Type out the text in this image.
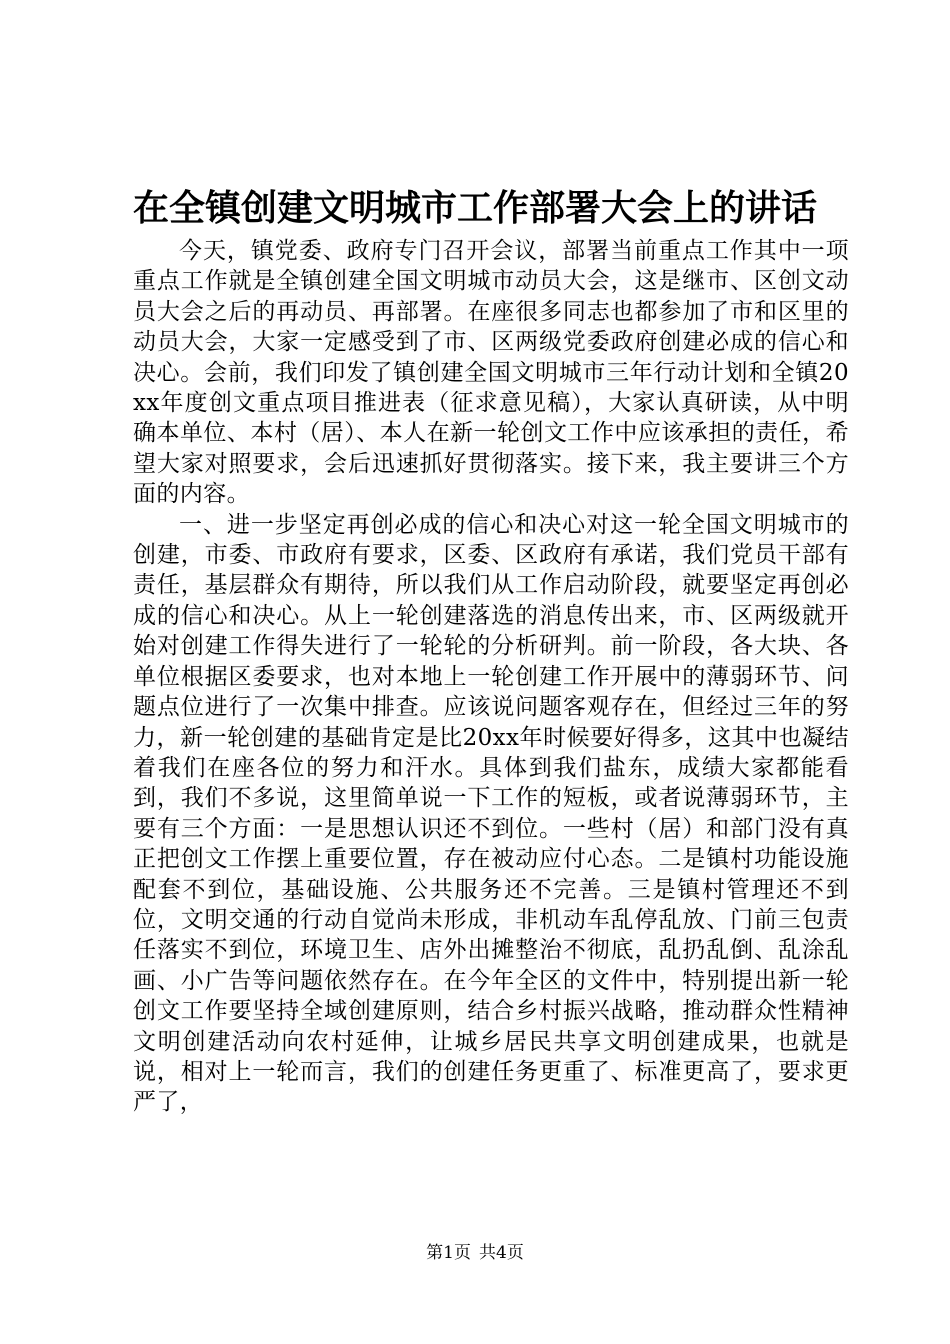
在全镇创建文明城市工作部署大会上的讲话

今天，镇党委、政府专门召开会议，部署当前重点工作其中一项重点工作就是全镇创建全国文明城市动员大会，这是继市、区创文动员大会之后的再动员、再部署。在座很多同志也都参加了市和区里的动员大会，大家一定感受到了市、区两级党委政府创建必成的信心和决心。会前，我们印发了镇创建全国文明城市三年行动计划和全镇20xx年度创文重点项目推进表（征求意见稿），大家认真研读，从中明确本单位、本村（居）、本人在新一轮创文工作中应该承担的责任，希望大家对照要求，会后迅速抓好贯彻落实。接下来，我主要讲三个方面的内容。

一、进一步坚定再创必成的信心和决心对这一轮全国文明城市的创建，市委、市政府有要求，区委、区政府有承诺，我们党员干部有责任，基层群众有期待，所以我们从工作启动阶段，就要坚定再创必成的信心和决心。从上一轮创建落选的消息传出来，市、区两级就开始对创建工作得失进行了一轮轮的分析研判。前一阶段，各大块、各单位根据区委要求，也对本地上一轮创建工作开展中的薄弱环节、问题点位进行了一次集中排查。应该说问题客观存在，但经过三年的努力，新一轮创建的基础肯定是比20xx年时候要好得多，这其中也凝结着我们在座各位的努力和汗水。具体到我们盐东，成绩大家都能看到，我们不多说，这里简单说一下工作的短板，或者说薄弱环节，主要有三个方面：一是思想认识还不到位。一些村（居）和部门没有真正把创文工作摆上重要位置，存在被动应付心态。二是镇村功能设施配套不到位，基础设施、公共服务还不完善。三是镇村管理还不到位，文明交通的行动自觉尚未形成，非机动车乱停乱放、门前三包责任落实不到位，环境卫生、店外出摊整治不彻底，乱扔乱倒、乱涂乱画、小广告等问题依然存在。在今年全区的文件中，特别提出新一轮创文工作要坚持全域创建原则，结合乡村振兴战略，推动群众性精神文明创建活动向农村延伸，让城乡居民共享文明创建成果，也就是说，相对上一轮而言，我们的创建任务更重了、标准更高了，要求更严了，

第1页 共4页
